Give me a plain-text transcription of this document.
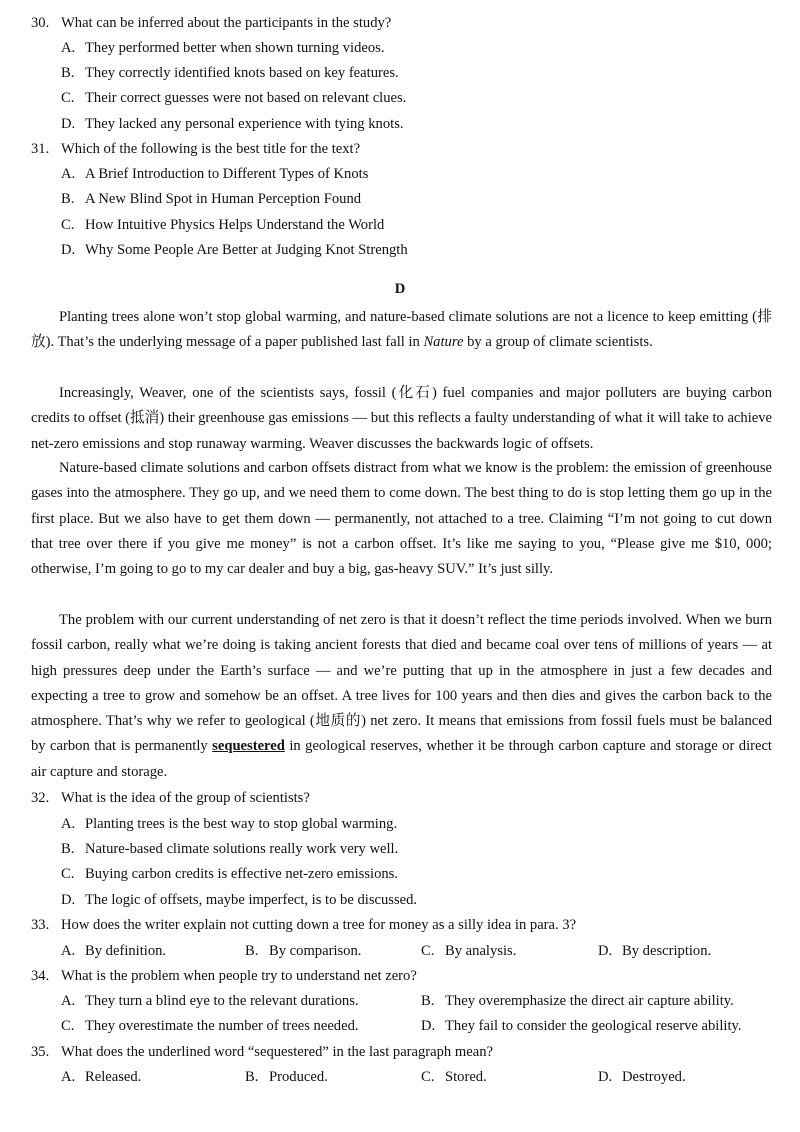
30. What can be inferred about the participants in the study?
A. They performed better when shown turning videos.
B. They correctly identified knots based on key features.
C. Their correct guesses were not based on relevant clues.
D. They lacked any personal experience with tying knots.
31. Which of the following is the best title for the text?
A. A Brief Introduction to Different Types of Knots
B. A New Blind Spot in Human Perception Found
C. How Intuitive Physics Helps Understand the World
D. Why Some People Are Better at Judging Knot Strength
D
Planting trees alone won’t stop global warming, and nature-based climate solutions are not a licence to keep emitting (排放). That’s the underlying message of a paper published last fall in Nature by a group of climate scientists.
Increasingly, Weaver, one of the scientists says, fossil (化石) fuel companies and major polluters are buying carbon credits to offset (抵消) their greenhouse gas emissions — but this reflects a faulty understanding of what it will take to achieve net-zero emissions and stop runaway warming. Weaver discusses the backwards logic of offsets.
Nature-based climate solutions and carbon offsets distract from what we know is the problem: the emission of greenhouse gases into the atmosphere. They go up, and we need them to come down. The best thing to do is stop letting them go up in the first place. But we also have to get them down — permanently, not attached to a tree. Claiming “I’m not going to cut down that tree over there if you give me money” is not a carbon offset. It’s like me saying to you, “Please give me $10, 000; otherwise, I’m going to go to my car dealer and buy a big, gas-heavy SUV.” It’s just silly.
The problem with our current understanding of net zero is that it doesn’t reflect the time periods involved. When we burn fossil carbon, really what we’re doing is taking ancient forests that died and became coal over tens of millions of years — at high pressures deep under the Earth’s surface — and we’re putting that up in the atmosphere in just a few decades and expecting a tree to grow and somehow be an offset. A tree lives for 100 years and then dies and gives the carbon back to the atmosphere. That’s why we refer to geological (地质的) net zero. It means that emissions from fossil fuels must be balanced by carbon that is permanently sequestered in geological reserves, whether it be through carbon capture and storage or direct air capture and storage.
32. What is the idea of the group of scientists?
A. Planting trees is the best way to stop global warming.
B. Nature-based climate solutions really work very well.
C. Buying carbon credits is effective net-zero emissions.
D. The logic of offsets, maybe imperfect, is to be discussed.
33. How does the writer explain not cutting down a tree for money as a silly idea in para. 3?
A. By definition.	B. By comparison.	C. By analysis.	D. By description.
34. What is the problem when people try to understand net zero?
A. They turn a blind eye to the relevant durations.	B. They overemphasize the direct air capture ability.
C. They overestimate the number of trees needed.	D. They fail to consider the geological reserve ability.
35. What does the underlined word “sequestered” in the last paragraph mean?
A. Released.	B. Produced.	C. Stored.	D. Destroyed.
